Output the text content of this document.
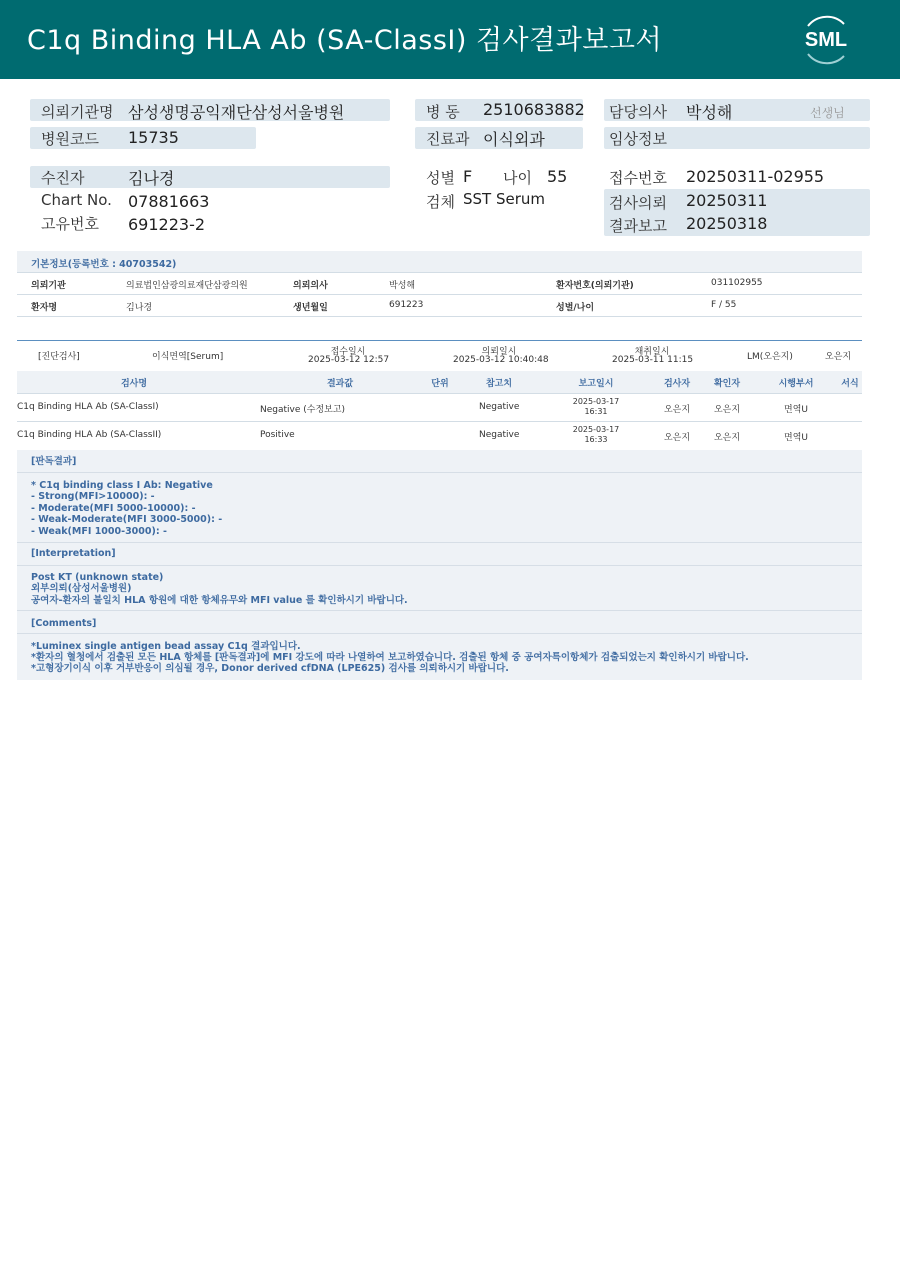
C1q Binding HLA Ab (SA-ClassI) 검사결과보고서	SML
의뢰기관명 삼성생명공익재단삼성서울병원
병원코드 15735
병 동 2510683882
진료과 이식외과
담당의사 박성해	선생님
임상정보
수진자	김나경
Chart No. 07881663
고유번호 691223-2
성별 F 나이 55
검체 SST Serum
접수번호 20250311-02955
검사의뢰 20250311
결과보고 20250318
기본정보(등록번호 : 40703542)
의뢰기관	의료법인삼광의료재단삼광의원	의뢰의사	박성해	환자번호(의뢰기관)	031102955
환자명	김나경	생년월일	691223	성별/나이	F / 55
[진단검사]	이식면역[Serum]	접수일시
2025-03-12 12:57
의뢰일시
2025-03-12 10:40:48
채취일시
2025-03-11 11:15	LM(오은지)	오은지
검사명	결과값	단위	참고치	보고일시	검사자	확인자	시행부서	서식
C1q Binding HLA Ab (SA-ClassI)	Negative (수정보고)	Negative
2025-03-17
16:31	오은지	오은지	면역U
C1q Binding HLA Ab (SA-ClassII)	Positive	Negative
2025-03-17
16:33	오은지	오은지	면역U
[판독결과]
* C1q binding class I Ab: Negative
- Strong(MFI>10000): -
- Moderate(MFI 5000-10000): -
- Weak-Moderate(MFI 3000-5000): -
- Weak(MFI 1000-3000): -
[Interpretation]
Post KT (unknown state)
외부의뢰(삼성서울병원)
공여자-환자의 불일치 HLA 항원에 대한 항체유무와 MFI value 를 확인하시기 바랍니다.
[Comments]
*Luminex single antigen bead assay C1q 결과입니다.
*환자의 혈청에서 검출된 모든 HLA 항체를 [판독결과]에 MFI 강도에 따라 나열하여 보고하였습니다. 검출된 항체 중 공여자특이항체가 검출되었는지 확인하시기 바랍니다.
*고형장기이식 이후 거부반응이 의심될 경우, Donor derived cfDNA (LPE625) 검사를 의뢰하시기 바랍니다.
